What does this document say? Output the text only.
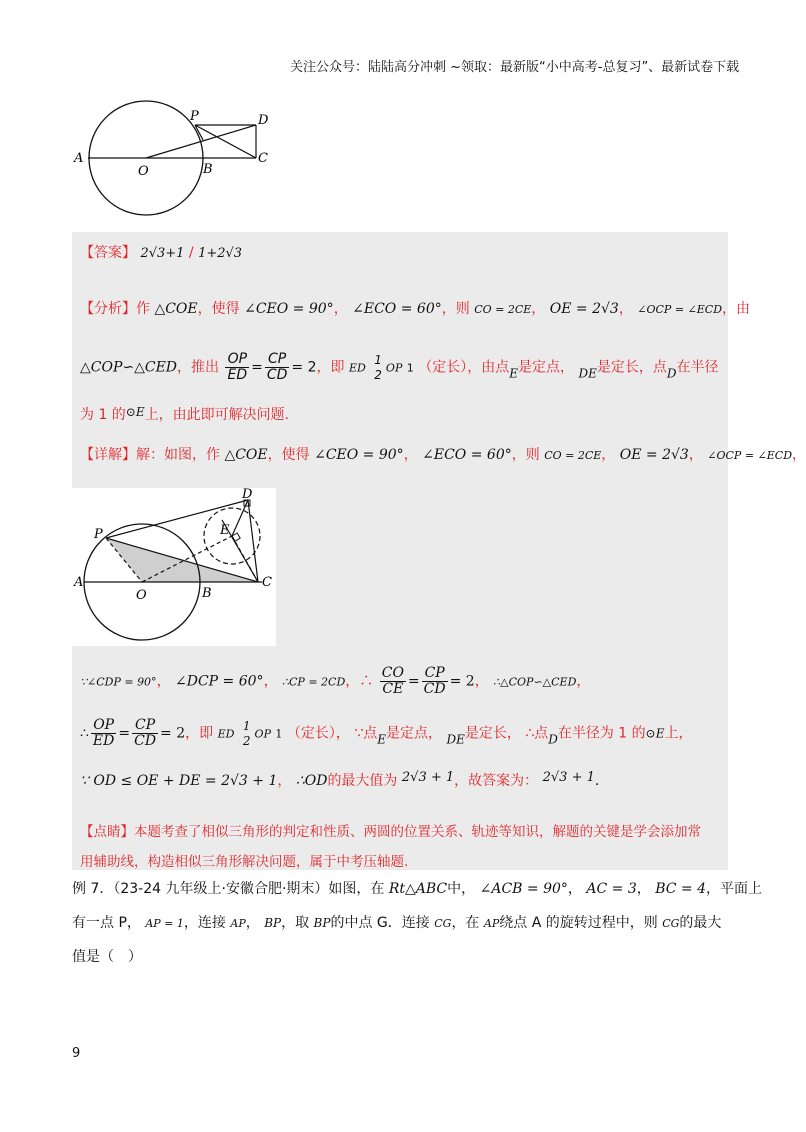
关注公众号：陆陆高分冲刺 ~领取：最新版“小中高考-总复习”、最新试卷下载
A
O	B
P	D
C
【答案】 2√3+1 / 1+2√3
【分析】作 △COE，使得 ∠CEO = 90°， ∠ECO = 60°，则 CO = 2CE， OE = 2√3， ∠OCP = ∠ECD，由
△COP∽△CED，推出 $\frac{OP}{ED} = \frac{CP}{CD} = 2$，即 ED
1
2 OP 1 （定长），由点E是定点， DE是定长，点D在半径
为 1 的⊙E上，由此即可解决问题.
【详解】解：如图，作 △COE，使得 ∠CEO = 90°， ∠ECO = 60°，则 CO = 2CE， OE = 2√3， ∠OCP = ∠ECD，
D
E
P
A
O	B
C
∵∠CDP = 90°， ∠DCP = 60°， ∴CP = 2CD，∴ $\frac{CO}{CE} = \frac{CP}{CD} = 2$， ∴△COP∽△CED，
∴ $\frac{OP}{ED} = \frac{CP}{CD} = 2$，即 ED
1
2 OP 1 （定长）， ∵点E是定点， DE是定长， ∴点D在半径为 1 的⊙E上，
∵ OD ≤ OE + DE = 2√3 + 1， ∴OD的最大值为 2√3 + 1，故答案为： 2√3 + 1.
【点睛】本题考查了相似三角形的判定和性质、两圆的位置关系、轨迹等知识，解题的关键是学会添加常
用辅助线，构造相似三角形解决问题，属于中考压轴题.
例 7．（23-24 九年级上·安徽合肥·期末）如图，在 Rt△ABC中， ∠ACB = 90°， AC = 3， BC = 4，平面上
有一点 P， AP = 1，连接 AP， BP，取 BP的中点 G．连接 CG，在 AP绕点 A 的旋转过程中，则 CG的最大
值是（　）
9
